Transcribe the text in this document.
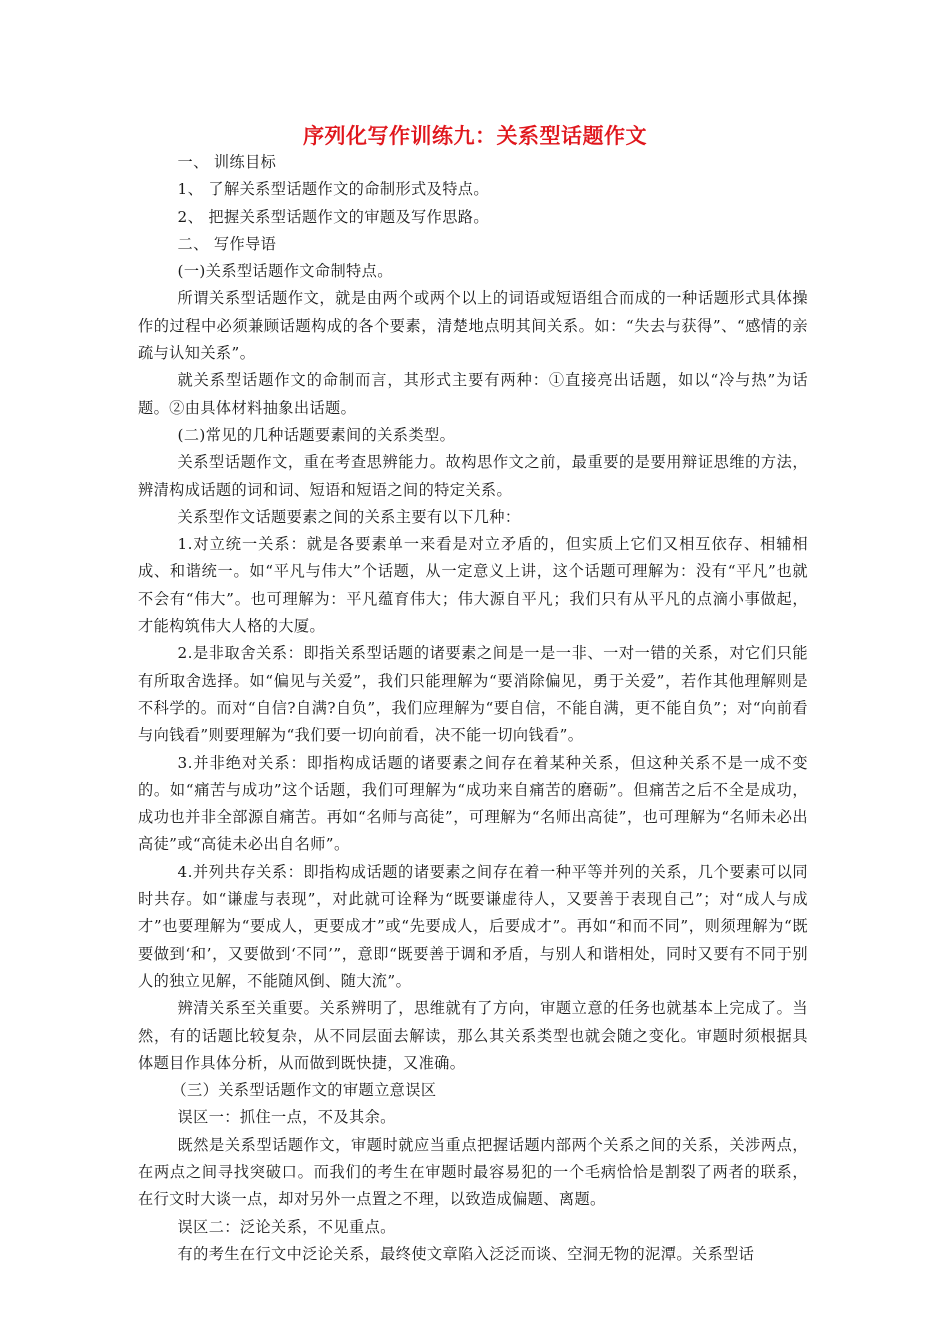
序列化写作训练九：关系型话题作文

一、 训练目标

1、 了解关系型话题作文的命制形式及特点。

2、 把握关系型话题作文的审题及写作思路。

二、 写作导语

(一)关系型话题作文命制特点。

所谓关系型话题作文，就是由两个或两个以上的词语或短语组合而成的一种话题形式具体操作的过程中必须兼顾话题构成的各个要素，清楚地点明其间关系。如：“失去与获得”、“感情的亲疏与认知关系”。

就关系型话题作文的命制而言，其形式主要有两种：①直接亮出话题，如以“冷与热”为话题。②由具体材料抽象出话题。

(二)常见的几种话题要素间的关系类型。

关系型话题作文，重在考查思辨能力。故构思作文之前，最重要的是要用辩证思维的方法，辨清构成话题的词和词、短语和短语之间的特定关系。

关系型作文话题要素之间的关系主要有以下几种：

1.对立统一关系：就是各要素单一来看是对立矛盾的，但实质上它们又相互依存、相辅相成、和谐统一。如“平凡与伟大”个话题，从一定意义上讲，这个话题可理解为：没有“平凡”也就不会有“伟大”。也可理解为：平凡蕴育伟大；伟大源自平凡；我们只有从平凡的点滴小事做起，才能构筑伟大人格的大厦。

2.是非取舍关系：即指关系型话题的诸要素之间是一是一非、一对一错的关系，对它们只能有所取舍选择。如“偏见与关爱”，我们只能理解为“要消除偏见，勇于关爱”，若作其他理解则是不科学的。而对“自信?自满?自负”，我们应理解为“要自信，不能自满，更不能自负”；对“向前看与向钱看”则要理解为“我们要一切向前看，决不能一切向钱看”。

3.并非绝对关系：即指构成话题的诸要素之间存在着某种关系，但这种关系不是一成不变的。如“痛苦与成功”这个话题，我们可理解为“成功来自痛苦的磨砺”。但痛苦之后不全是成功，成功也并非全部源自痛苦。再如“名师与高徒”，可理解为“名师出高徒”，也可理解为“名师未必出高徒”或“高徒未必出自名师”。

4.并列共存关系：即指构成话题的诸要素之间存在着一种平等并列的关系，几个要素可以同时共存。如“谦虚与表现”，对此就可诠释为“既要谦虚待人，又要善于表现自己”；对“成人与成才”也要理解为“要成人，更要成才”或“先要成人，后要成才”。再如“和而不同”，则须理解为“既要做到‘和’，又要做到‘不同’”，意即“既要善于调和矛盾，与别人和谐相处，同时又要有不同于别人的独立见解，不能随风倒、随大流”。

辨清关系至关重要。关系辨明了，思维就有了方向，审题立意的任务也就基本上完成了。当然，有的话题比较复杂，从不同层面去解读，那么其关系类型也就会随之变化。审题时须根据具体题目作具体分析，从而做到既快捷，又准确。

（三）关系型话题作文的审题立意误区

误区一：抓住一点，不及其余。

既然是关系型话题作文，审题时就应当重点把握话题内部两个关系之间的关系，关涉两点，在两点之间寻找突破口。而我们的考生在审题时最容易犯的一个毛病恰恰是割裂了两者的联系，在行文时大谈一点，却对另外一点置之不理，以致造成偏题、离题。

误区二：泛论关系，不见重点。

有的考生在行文中泛论关系，最终使文章陷入泛泛而谈、空洞无物的泥潭。关系型话
